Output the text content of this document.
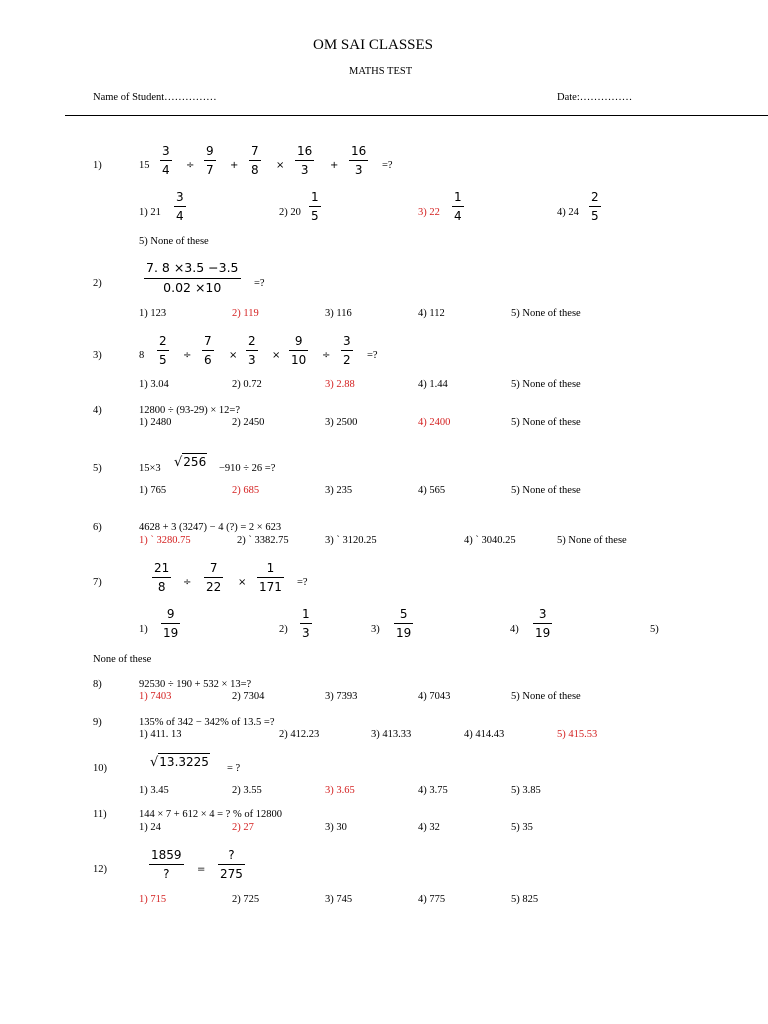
OM SAI CLASSES
MATHS TEST
Name of Student……………	Date:……………
1)	15
3
4 ÷
9
7 +
7
8 ×
16
3 +
16
3 =?
1) 21
3
4	2) 20
1
5	3) 22
1
4	4) 24
2
5
5) None of these
2)
7. 8 ×3.5 −3.5
0.02 ×10	=?
1) 123	2) 119	3) 116	4) 112	5) None of these
3)	8
2
5 ÷
7
6 ×
2
3 ×
9
10 ÷
3
2 =?
1) 3.04	2) 0.72	3) 2.88	4) 1.44	5) None of these
4)	12800 ÷ (93-29) × 12=?
1) 2480	2) 2450	3) 2500	4) 2400	5) None of these
5)	15×3 √256 −910 ÷ 26 =?
1) 765	2) 685	3) 235	4) 565	5) None of these
6)	4628 + 3 (3247) − 4 (?) = 2 × 623
1) ` 3280.75	2) ` 3382.75	3) ` 3120.25	4) ` 3040.25	5) None of these
7)
21
8 ÷
7
22 ×
1
171 =?
1)
9
19	2)
1
3	3)
5
19	4)
3
19	5)
None of these
8)	92530 ÷ 190 + 532 × 13=?
1) 7403	2) 7304	3) 7393	4) 7043	5) None of these
9)	135% of 342 − 342% of 13.5 =?
1) 411. 13	2) 412.23	3) 413.33	4) 414.43	5) 415.53
10)	√13.3225 = ?
1) 3.45	2) 3.55	3) 3.65	4) 3.75	5) 3.85
11)	144 × 7 + 612 × 4 = ? % of 12800
1) 24	2) 27	3) 30	4) 32	5) 35
12)
1859
?	=
?
275
1) 715	2) 725	3) 745	4) 775	5) 825
